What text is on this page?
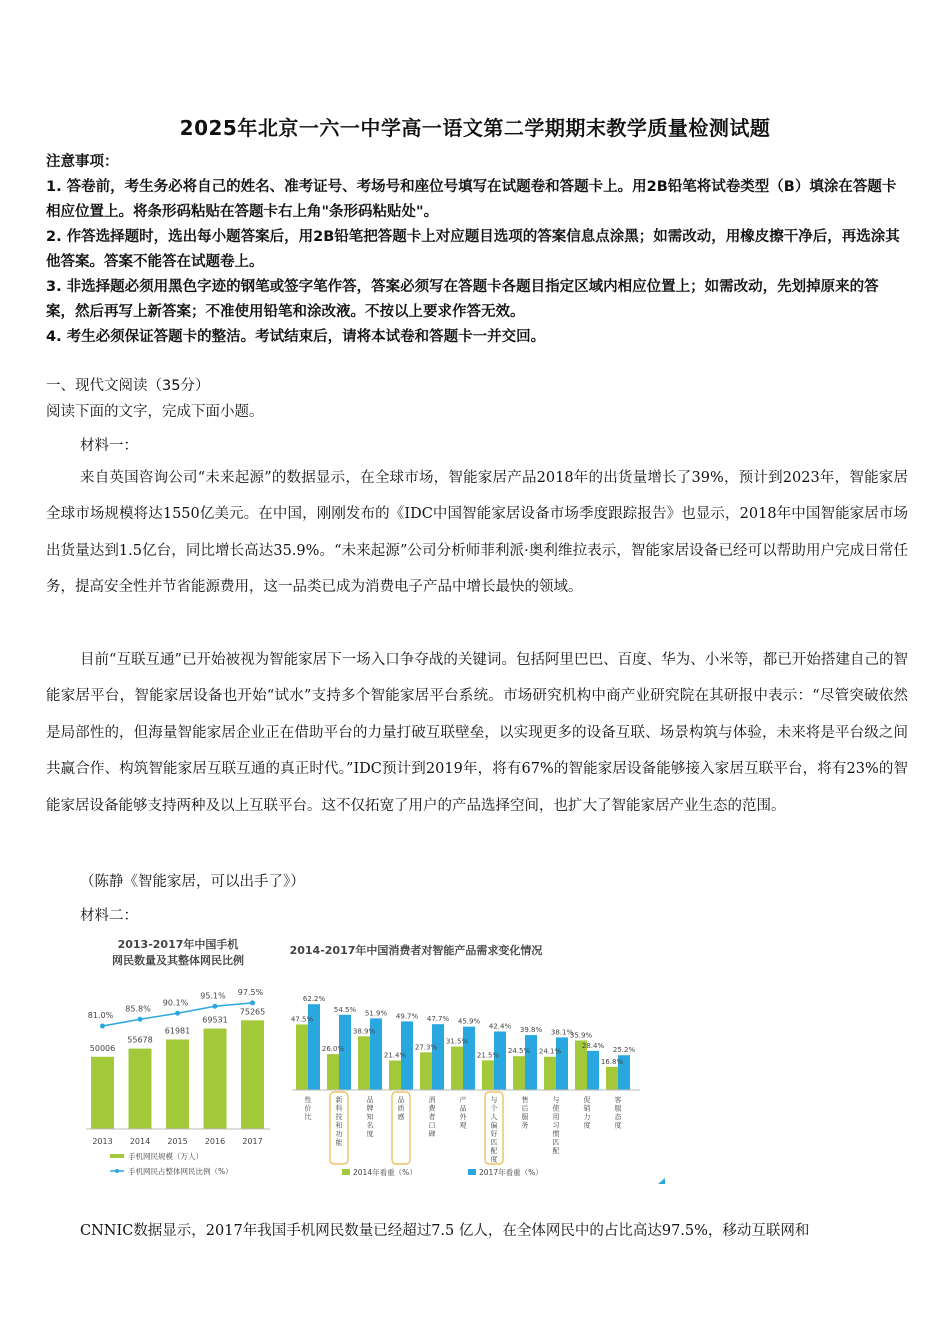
2025年北京一六一中学高一语文第二学期期末教学质量检测试题
注意事项：
1. 答卷前，考生务必将自己的姓名、准考证号、考场号和座位号填写在试题卷和答题卡上。用2B铅笔将试卷类型（B）填涂在答题卡相应位置上。将条形码粘贴在答题卡右上角"条形码粘贴处"。
2. 作答选择题时，选出每小题答案后，用2B铅笔把答题卡上对应题目选项的答案信息点涂黑；如需改动，用橡皮擦干净后，再选涂其他答案。答案不能答在试题卷上。
3. 非选择题必须用黑色字迹的钢笔或签字笔作答，答案必须写在答题卡各题目指定区域内相应位置上；如需改动，先划掉原来的答案，然后再写上新答案；不准使用铅笔和涂改液。不按以上要求作答无效。
4. 考生必须保证答题卡的整洁。考试结束后，请将本试卷和答题卡一并交回。
一、现代文阅读（35分）
阅读下面的文字，完成下面小题。
材料一：
来自英国咨询公司“未来起源”的数据显示，在全球市场，智能家居产品2018年的出货量增长了39%，预计到2023年，智能家居全球市场规模将达1550亿美元。在中国，刚刚发布的《IDC中国智能家居设备市场季度跟踪报告》也显示，2018年中国智能家居市场出货量达到1.5亿台，同比增长高达35.9%。“未来起源”公司分析师菲利派·奥利维拉表示，智能家居设备已经可以帮助用户完成日常任务，提高安全性并节省能源费用，这一品类已成为消费电子产品中增长最快的领域。
目前“互联互通”已开始被视为智能家居下一场入口争夺战的关键词。包括阿里巴巴、百度、华为、小米等，都已开始搭建自己的智能家居平台，智能家居设备也开始“试水”支持多个智能家居平台系统。市场研究机构中商产业研究院在其研报中表示：“尽管突破依然是局部性的，但海量智能家居企业正在借助平台的力量打破互联壁垒，以实现更多的设备互联、场景构筑与体验，未来将是平台级之间共赢合作、构筑智能家居互联互通的真正时代。”IDC预计到2019年，将有67%的智能家居设备能够接入家居互联平台，将有23%的智能家居设备能够支持两种及以上互联平台。这不仅拓宽了用户的产品选择空间，也扩大了智能家居产业生态的范围。
（陈静《智能家居，可以出手了》）
材料二：
2013-2017年中国手机
网民数量及其整体网民比例
50006
2013
55678
2014
61981
2015
69531
2016
75265
2017
81.0%
85.8%
90.1%
95.1% 97.5%
手机网民规模（万人）
手机网民占整体网民比例（%）
2014-2017年中国消费者对智能产品需求变化情况
47.5%
62.2%
性
价
比
26.0%
54.5%
新
科
技
和
功
能
38.9%
51.9%
品
牌
知
名
度
21.4%
49.7%
品
质
感
27.3%
47.7%
消
费
者
口
碑
31.5%
45.9%
产
品
外
观
21.5%
42.4%
与
个
人
偏
好
匹
配
度
24.5%
39.8%
售
后
服
务
24.1%
38.1%
与
使
用
习
惯
匹
配
35.9%
28.4%
促
销
力
度
16.8%
25.2%
客
服
态
度
2014年看重（%）	2017年看重（%）
CNNIC数据显示，2017年我国手机网民数量已经超过7.5 亿人，在全体网民中的占比高达97.5%，移动互联网和
